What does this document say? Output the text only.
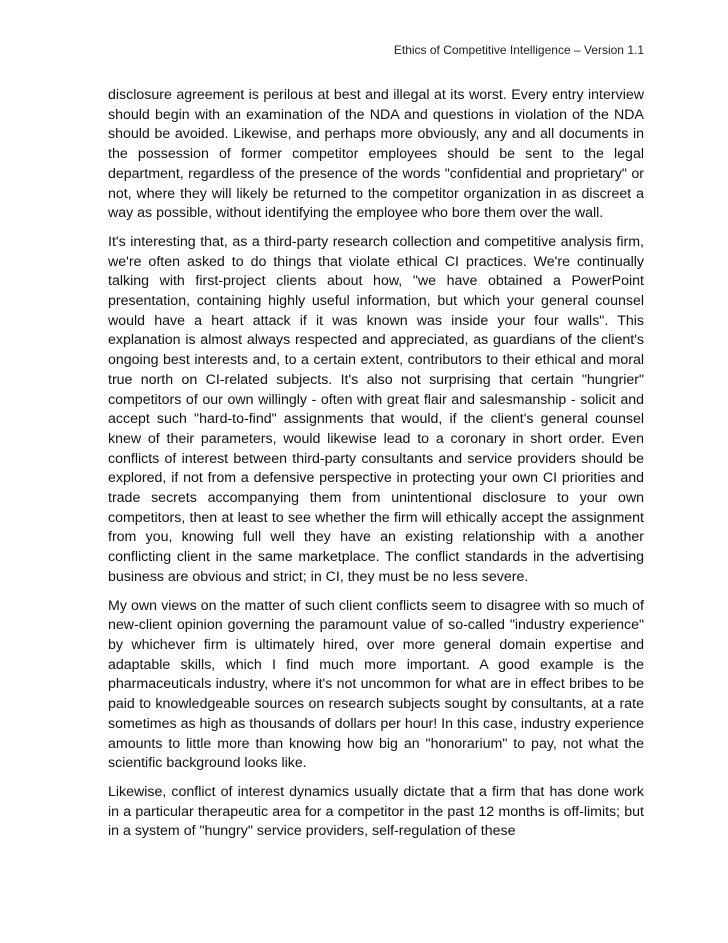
Ethics of Competitive Intelligence – Version 1.1

disclosure agreement is perilous at best and illegal at its worst. Every entry interview should begin with an examination of the NDA and questions in violation of the NDA should be avoided. Likewise, and perhaps more obviously, any and all documents in the possession of former competitor employees should be sent to the legal department, regardless of the presence of the words "confidential and proprietary" or not, where they will likely be returned to the competitor organization in as discreet a way as possible, without identifying the employee who bore them over the wall.

It's interesting that, as a third-party research collection and competitive analysis firm, we're often asked to do things that violate ethical CI practices. We're continually talking with first-project clients about how, "we have obtained a PowerPoint presentation, containing highly useful information, but which your general counsel would have a heart attack if it was known was inside your four walls". This explanation is almost always respected and appreciated, as guardians of the client's ongoing best interests and, to a certain extent, contributors to their ethical and moral true north on CI-related subjects. It's also not surprising that certain "hungrier" competitors of our own willingly - often with great flair and salesmanship - solicit and accept such "hard-to-find" assignments that would, if the client's general counsel knew of their parameters, would likewise lead to a coronary in short order. Even conflicts of interest between third-party consultants and service providers should be explored, if not from a defensive perspective in protecting your own CI priorities and trade secrets accompanying them from unintentional disclosure to your own competitors, then at least to see whether the firm will ethically accept the assignment from you, knowing full well they have an existing relationship with a another conflicting client in the same marketplace. The conflict standards in the advertising business are obvious and strict; in CI, they must be no less severe.

My own views on the matter of such client conflicts seem to disagree with so much of new-client opinion governing the paramount value of so-called "industry experience" by whichever firm is ultimately hired, over more general domain expertise and adaptable skills, which I find much more important. A good example is the pharmaceuticals industry, where it's not uncommon for what are in effect bribes to be paid to knowledgeable sources on research subjects sought by consultants, at a rate sometimes as high as thousands of dollars per hour! In this case, industry experience amounts to little more than knowing how big an "honorarium" to pay, not what the scientific background looks like.

Likewise, conflict of interest dynamics usually dictate that a firm that has done work in a particular therapeutic area for a competitor in the past 12 months is off-limits; but in a system of "hungry" service providers, self-regulation of these
